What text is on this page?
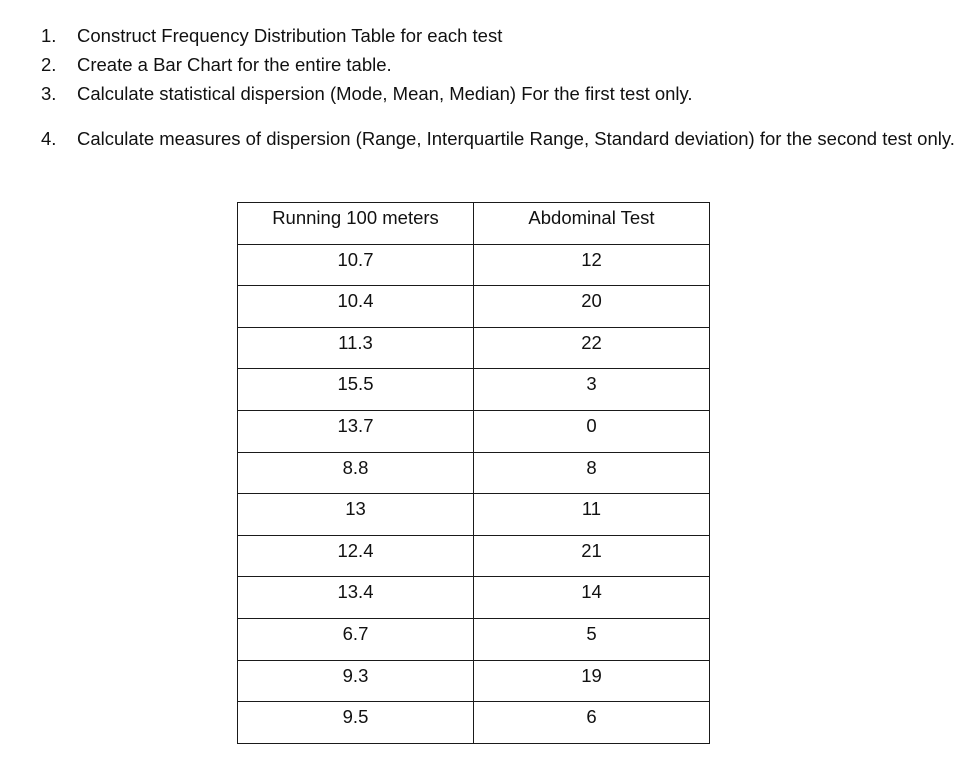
1. Construct Frequency Distribution Table for each test
2. Create a Bar Chart for the entire table.
3. Calculate statistical dispersion (Mode, Mean, Median) For the first test only.
4. Calculate measures of dispersion (Range, Interquartile Range, Standard deviation) for the second test only.
Running 100 meters	Abdominal Test
10.7	12
10.4	20
11.3	22
15.5	3
13.7	0
8.8	8
13	11
12.4	21
13.4	14
6.7	5
9.3	19
9.5	6
